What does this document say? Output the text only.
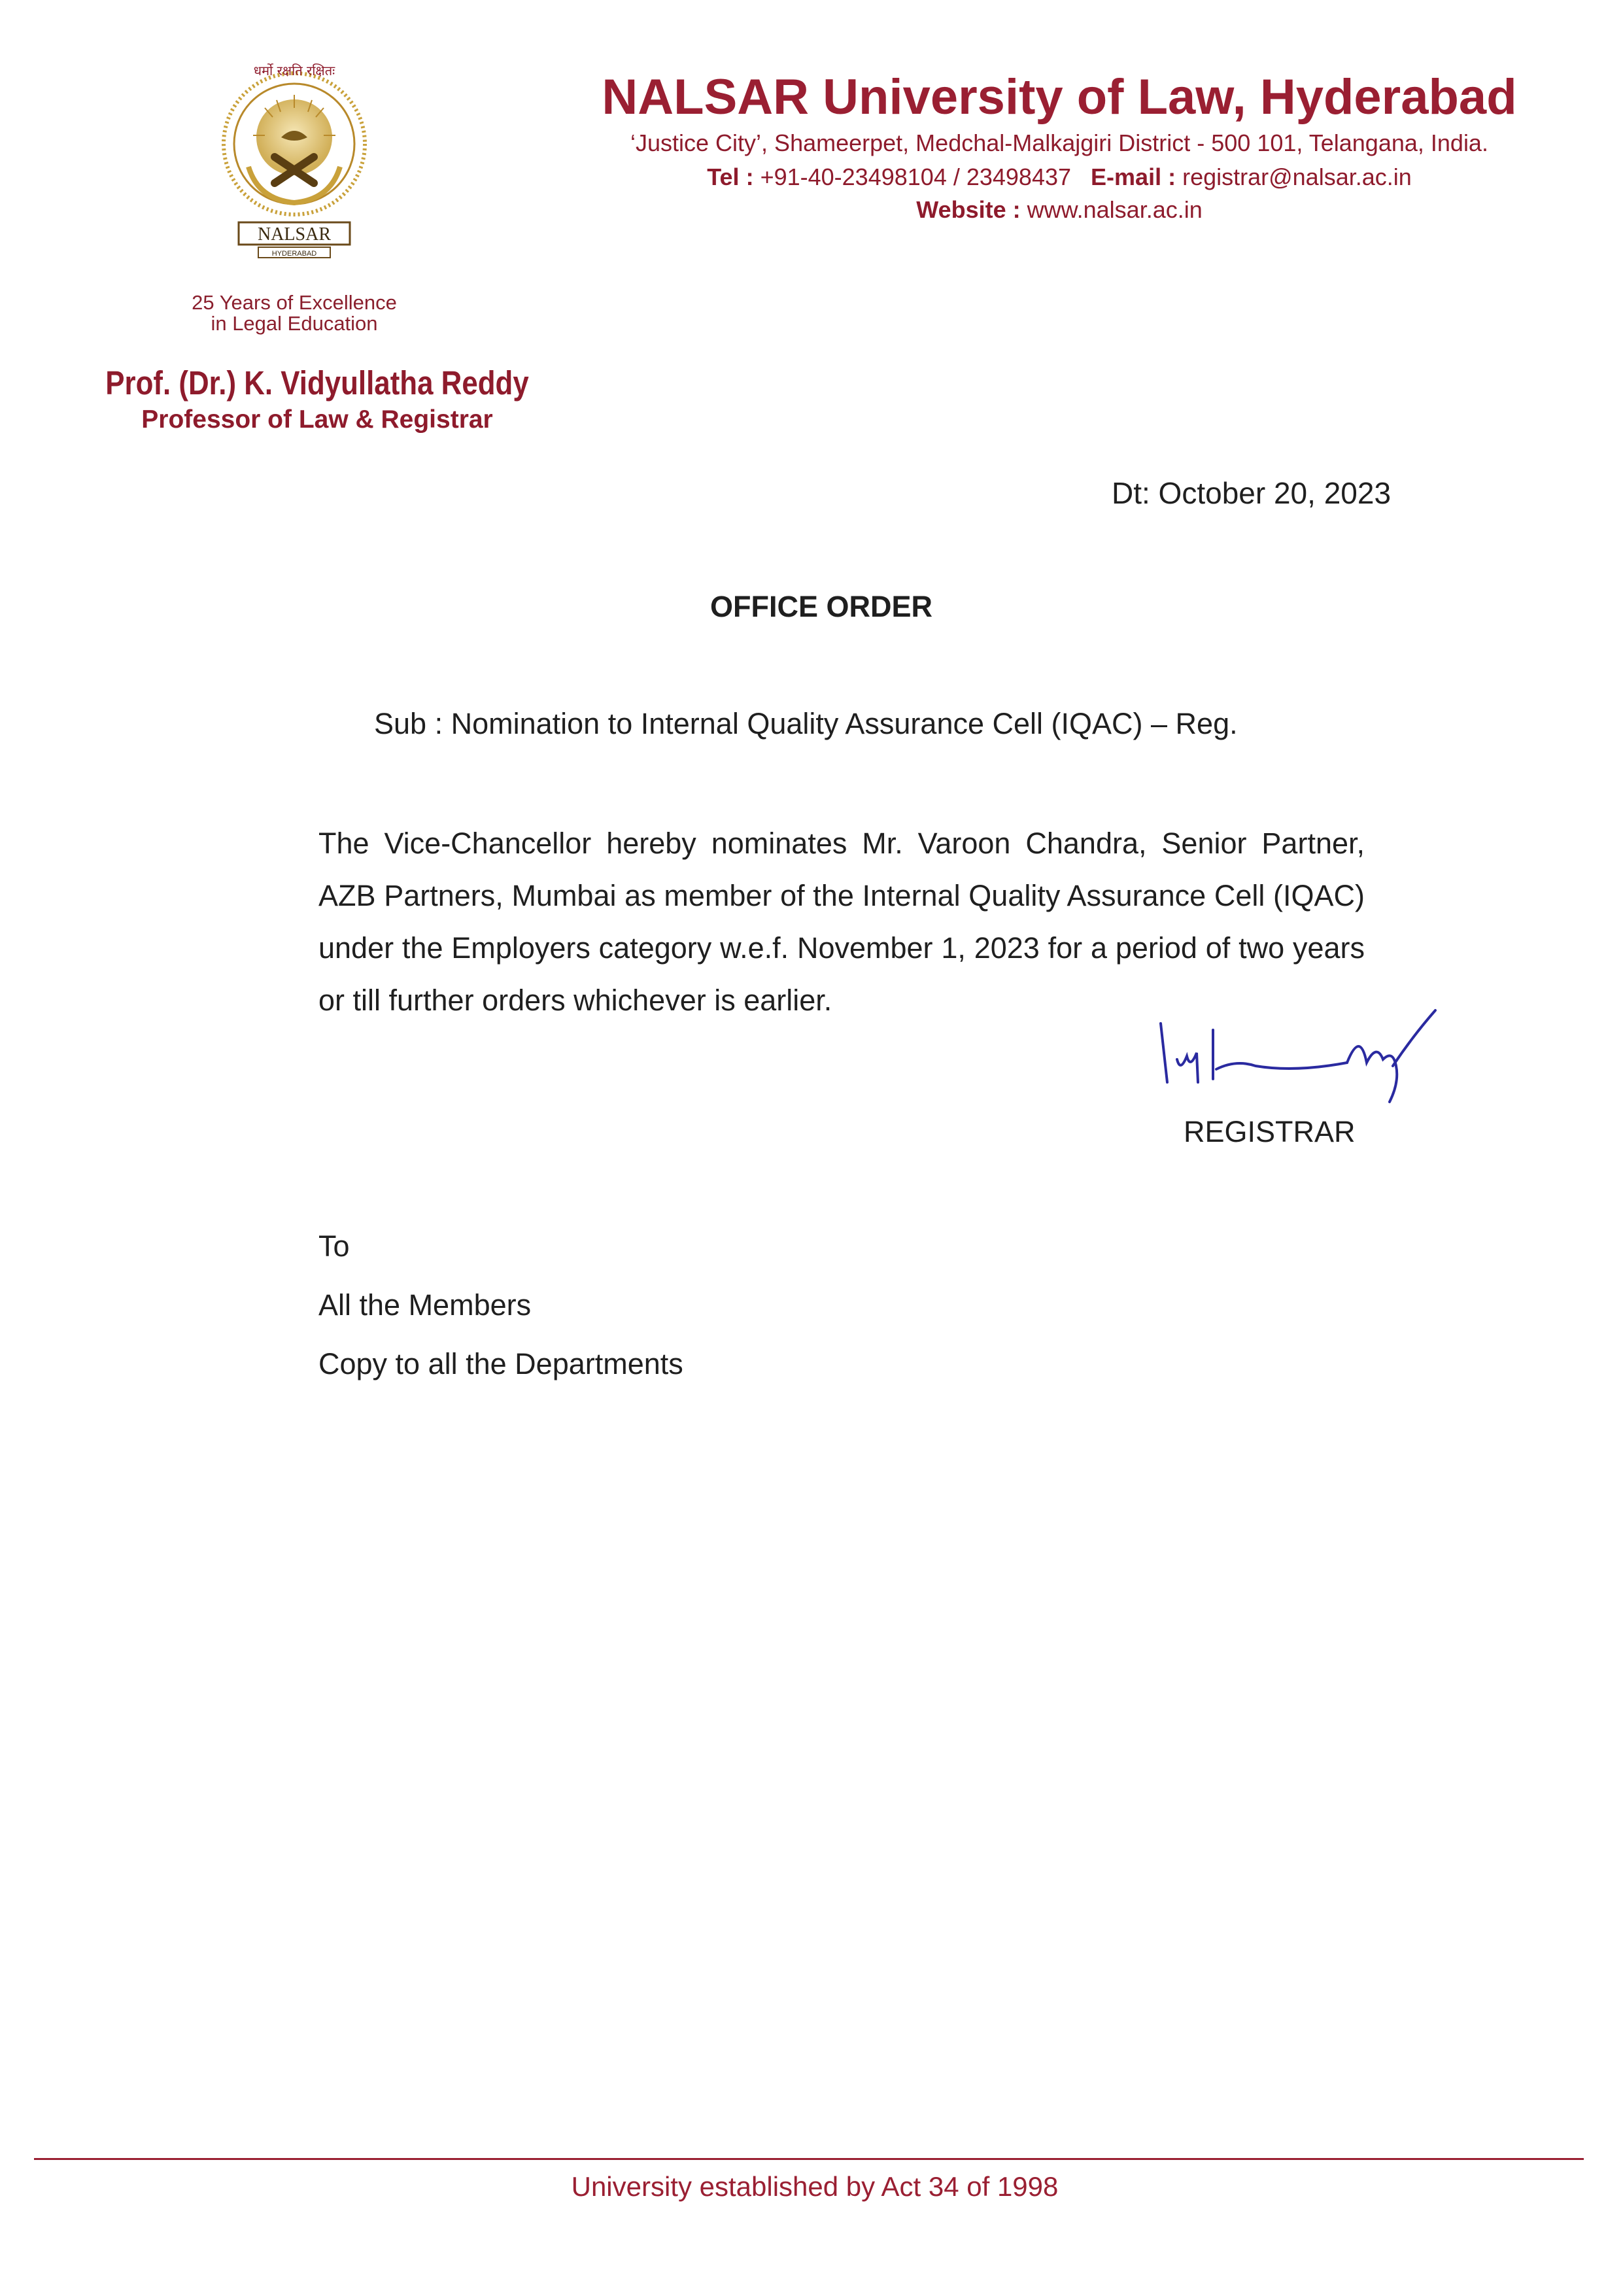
धर्मो रक्षति रक्षितः
NALSAR
HYDERABAD
25 Years of Excellence
in Legal Education
Prof. (Dr.) K. Vidyullatha Reddy
Professor of Law & Registrar
NALSAR University of Law, Hyderabad
‘Justice City’, Shameerpet, Medchal-Malkajgiri District - 500 101, Telangana, India.
Tel : +91-40-23498104 / 23498437 E-mail : registrar@nalsar.ac.in
Website : www.nalsar.ac.in
Dt: October 20, 2023
OFFICE ORDER
Sub : Nomination to Internal Quality Assurance Cell (IQAC) – Reg.
The Vice-Chancellor hereby nominates Mr. Varoon Chandra, Senior Partner, AZB Partners, Mumbai as member of the Internal Quality Assurance Cell (IQAC) under the Employers category w.e.f. November 1, 2023 for a period of two years or till further orders whichever is earlier.
REGISTRAR
To
All the Members
Copy to all the Departments
University established by Act 34 of 1998
